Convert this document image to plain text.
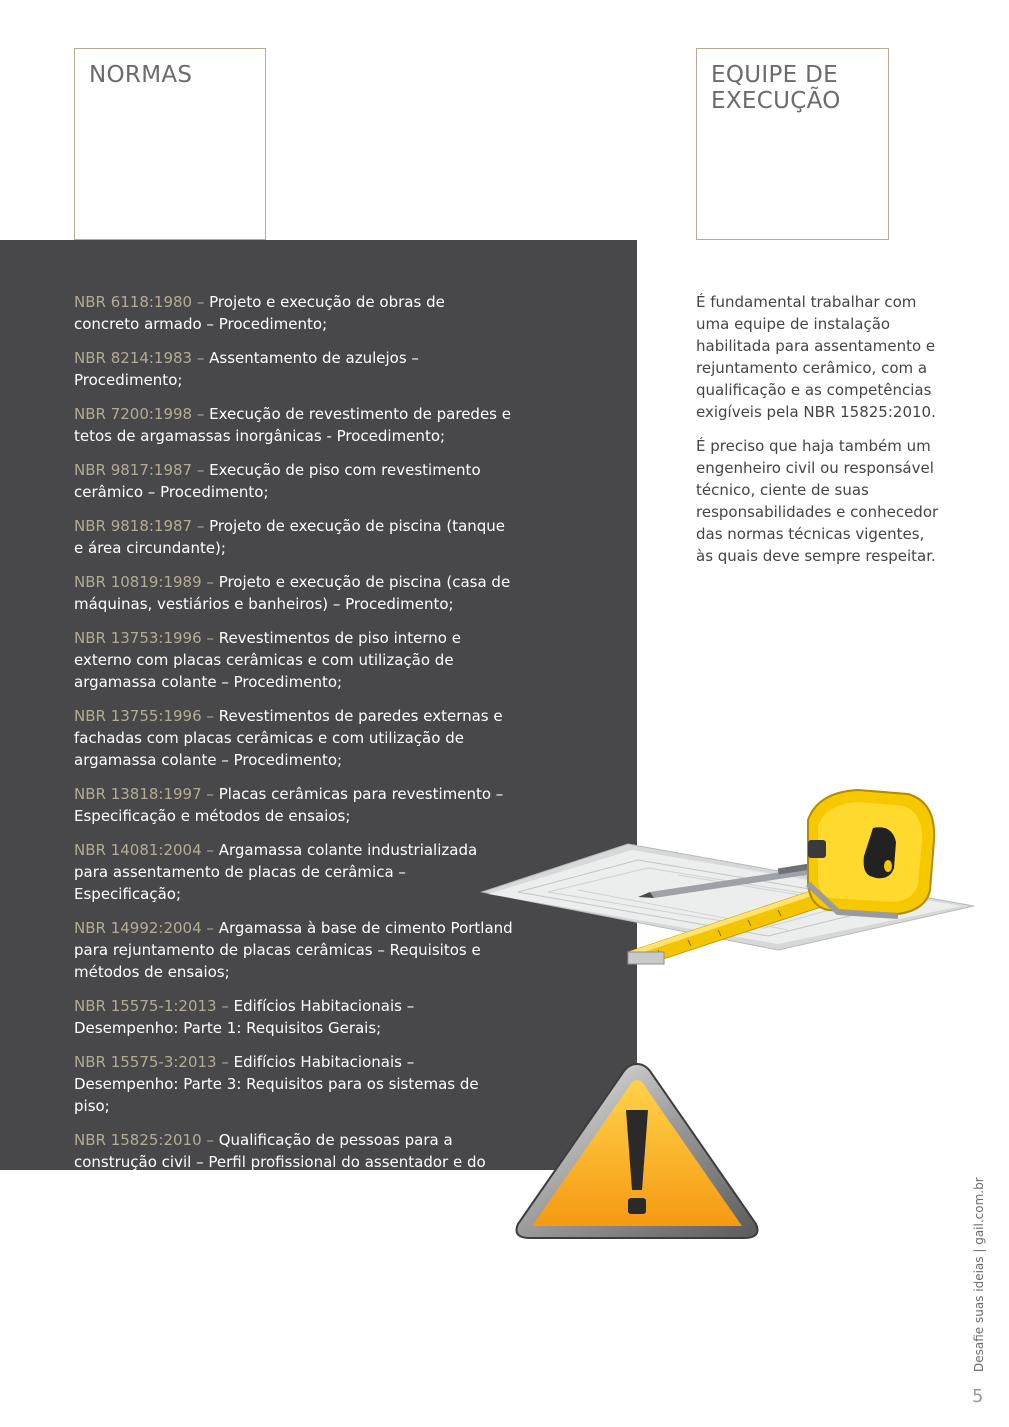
NORMAS	EQUIPE DE
EXECUÇÃO
NBR 6118:1980 – Projeto e execução de obras de concreto armado – Procedimento;
NBR 8214:1983 – Assentamento de azulejos – Procedimento;
NBR 7200:1998 – Execução de revestimento de paredes e tetos de argamassas inorgânicas - Procedimento;
NBR 9817:1987 – Execução de piso com revestimento cerâmico – Procedimento;
NBR 9818:1987 – Projeto de execução de piscina (tanque e área circundante);
NBR 10819:1989 – Projeto e execução de piscina (casa de máquinas, vestiários e banheiros) – Procedimento;
NBR 13753:1996 – Revestimentos de piso interno e externo com placas cerâmicas e com utilização de argamassa colante – Procedimento;
NBR 13755:1996 – Revestimentos de paredes externas e fachadas com placas cerâmicas e com utilização de argamassa colante – Procedimento;
NBR 13818:1997 – Placas cerâmicas para revestimento – Especificação e métodos de ensaios;
NBR 14081:2004 – Argamassa colante industrializada para assentamento de placas de cerâmica – Especificação;
NBR 14992:2004 – Argamassa à base de cimento Portland para rejuntamento de placas cerâmicas – Requisitos e métodos de ensaios;
NBR 15575-1:2013 – Edifícios Habitacionais – Desempenho: Parte 1: Requisitos Gerais;
NBR 15575-3:2013 – Edifícios Habitacionais – Desempenho: Parte 3: Requisitos para os sistemas de piso;
NBR 15825:2010 – Qualificação de pessoas para a construção civil – Perfil profissional do assentador e do rejuntador de placas cerâmicas e porcelanato para revestimentos.

É fundamental trabalhar com uma equipe de instalação habilitada para assentamento e rejuntamento cerâmico, com a qualificação e as competências exigíveis pela NBR 15825:2010.

É preciso que haja também um engenheiro civil ou responsável técnico, ciente de suas responsabilidades e conhecedor das normas técnicas vigentes, às quais deve sempre respeitar.

Desafie suas ideias | gail.com.br
5
